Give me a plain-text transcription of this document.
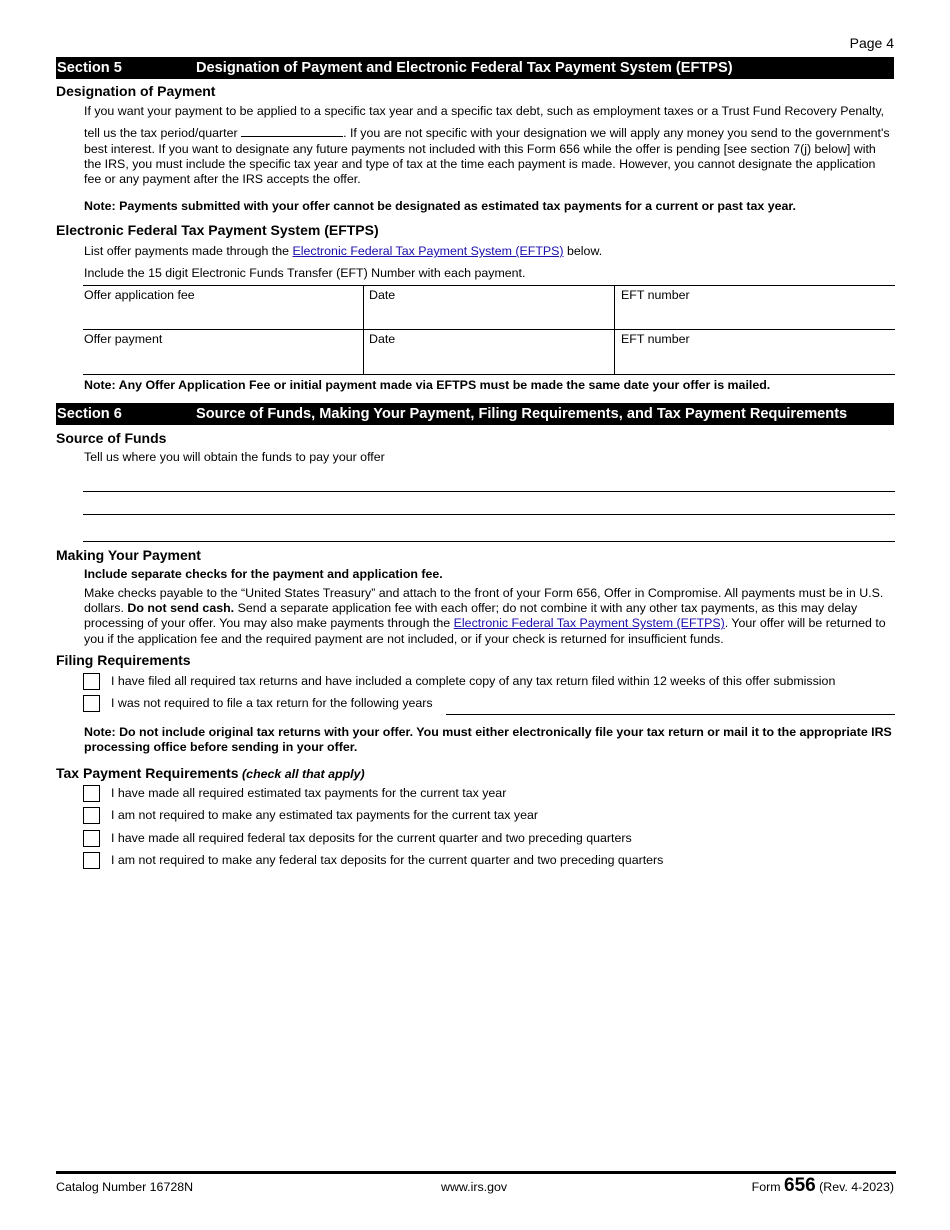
Page 4
Section 5	Designation of Payment and Electronic Federal Tax Payment System (EFTPS)
Designation of Payment
If you want your payment to be applied to a specific tax year and a specific tax debt, such as employment taxes or a Trust Fund Recovery Penalty,
tell us the tax period/quarter	. If you are not specific with your designation we will apply any money you send to the government's
best interest. If you want to designate any future payments not included with this Form 656 while the offer is pending [see section 7(j) below] with the IRS, you must include the specific tax year and type of tax at the time each payment is made. However, you cannot designate the application fee or any payment after the IRS accepts the offer.
Note: Payments submitted with your offer cannot be designated as estimated tax payments for a current or past tax year.
Electronic Federal Tax Payment System (EFTPS)
List offer payments made through the Electronic Federal Tax Payment System (EFTPS) below.
Include the 15 digit Electronic Funds Transfer (EFT) Number with each payment.
Offer application fee	Date	EFT number
Offer payment	Date	EFT number
Note: Any Offer Application Fee or initial payment made via EFTPS must be made the same date your offer is mailed.
Section 6	Source of Funds, Making Your Payment, Filing Requirements, and Tax Payment Requirements
Source of Funds
Tell us where you will obtain the funds to pay your offer
Making Your Payment
Include separate checks for the payment and application fee.
Make checks payable to the “United States Treasury” and attach to the front of your Form 656, Offer in Compromise. All payments must be in U.S. dollars. Do not send cash. Send a separate application fee with each offer; do not combine it with any other tax payments, as this may delay processing of your offer. You may also make payments through the Electronic Federal Tax Payment System (EFTPS). Your offer will be returned to you if the application fee and the required payment are not included, or if your check is returned for insufficient funds.
Filing Requirements
I have filed all required tax returns and have included a complete copy of any tax return filed within 12 weeks of this offer submission
I was not required to file a tax return for the following years
Note: Do not include original tax returns with your offer. You must either electronically file your tax return or mail it to the appropriate IRS processing office before sending in your offer.
Tax Payment Requirements (check all that apply)
I have made all required estimated tax payments for the current tax year
I am not required to make any estimated tax payments for the current tax year
I have made all required federal tax deposits for the current quarter and two preceding quarters
I am not required to make any federal tax deposits for the current quarter and two preceding quarters
Catalog Number 16728N	www.irs.gov	Form 656 (Rev. 4-2023)
